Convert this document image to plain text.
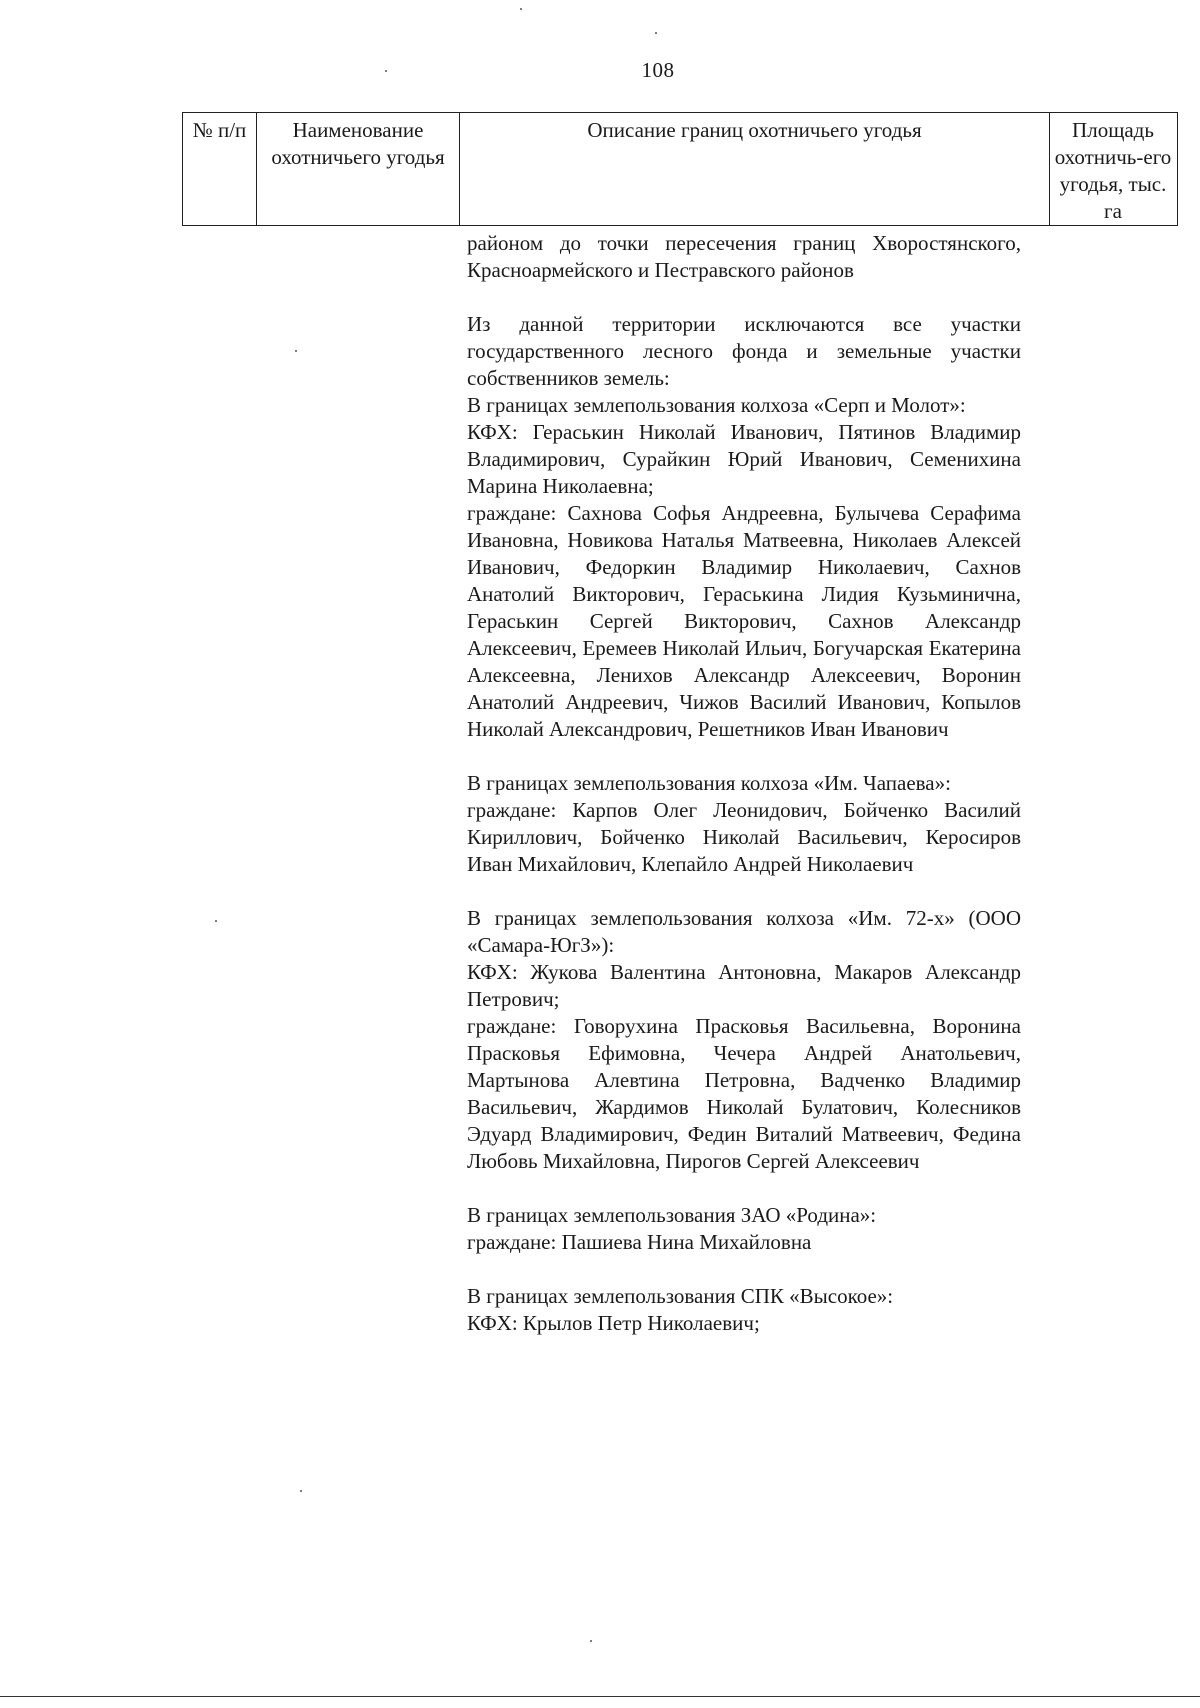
108
№ п/п	Наименование охотничьего угодья
Описание границ охотничьего угодья	Площадь охотничь-его угодья, тыс. га

районом до точки пересечения границ Хворостянского, Красноармейского и Пестравского районов

Из данной территории исключаются все участки государственного лесного фонда и земельные участки собственников земель:

В границах землепользования колхоза «Серп и Молот»:

КФХ: Гераськин Николай Иванович, Пятинов Владимир Владимирович, Сурайкин Юрий Иванович, Семенихина Марина Николаевна;

граждане: Сахнова Софья Андреевна, Булычева Серафима Ивановна, Новикова Наталья Матвеевна, Николаев Алексей Иванович, Федоркин Владимир Николаевич, Сахнов Анатолий Викторович, Гераськина Лидия Кузьминична, Гераськин Сергей Викторович, Сахнов Александр Алексеевич, Еремеев Николай Ильич, Богучарская Екатерина Алексеевна, Ленихов Александр Алексеевич, Воронин Анатолий Андреевич, Чижов Василий Иванович, Копылов Николай Александрович, Решетников Иван Иванович

В границах землепользования колхоза «Им. Чапаева»:

граждане: Карпов Олег Леонидович, Бойченко Василий Кириллович, Бойченко Николай Васильевич, Керосиров Иван Михайлович, Клепайло Андрей Николаевич

В границах землепользования колхоза «Им. 72-х» (ООО «Самара-ЮгЗ»):

КФХ: Жукова Валентина Антоновна, Макаров Александр Петрович;

граждане: Говорухина Прасковья Васильевна, Воронина Прасковья Ефимовна, Чечера Андрей Анатольевич, Мартынова Алевтина Петровна, Вадченко Владимир Васильевич, Жардимов Николай Булатович, Колесников Эдуард Владимирович, Федин Виталий Матвеевич, Федина Любовь Михайловна, Пирогов Сергей Алексеевич

В границах землепользования ЗАО «Родина»:

граждане: Пашиева Нина Михайловна

В границах землепользования СПК «Высокое»:

КФХ: Крылов Петр Николаевич;
